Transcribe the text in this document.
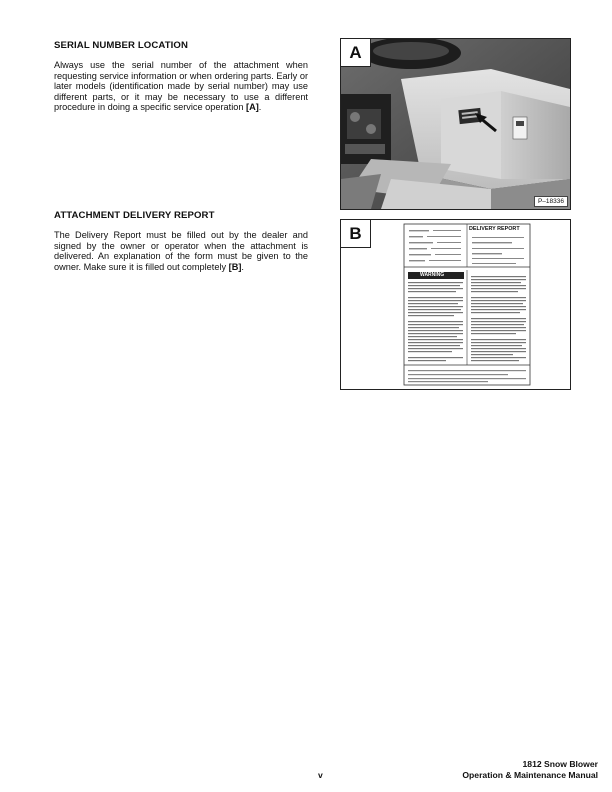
SERIAL NUMBER LOCATION
Always use the serial number of the attachment when requesting service information or when ordering parts. Early or later models (identification made by serial number) may use different parts, or it may be necessary to use a different procedure in doing a specific service operation [A].
ATTACHMENT DELIVERY REPORT
The Delivery Report must be filled out by the dealer and signed by the owner or operator when the attachment is delivered. An explanation of the form must be given to the owner. Make sure it is filled out completely [B].
A
P–18336
B	DELIVERY REPORT
WARNING
v
1812 Snow Blower
Operation & Maintenance Manual
